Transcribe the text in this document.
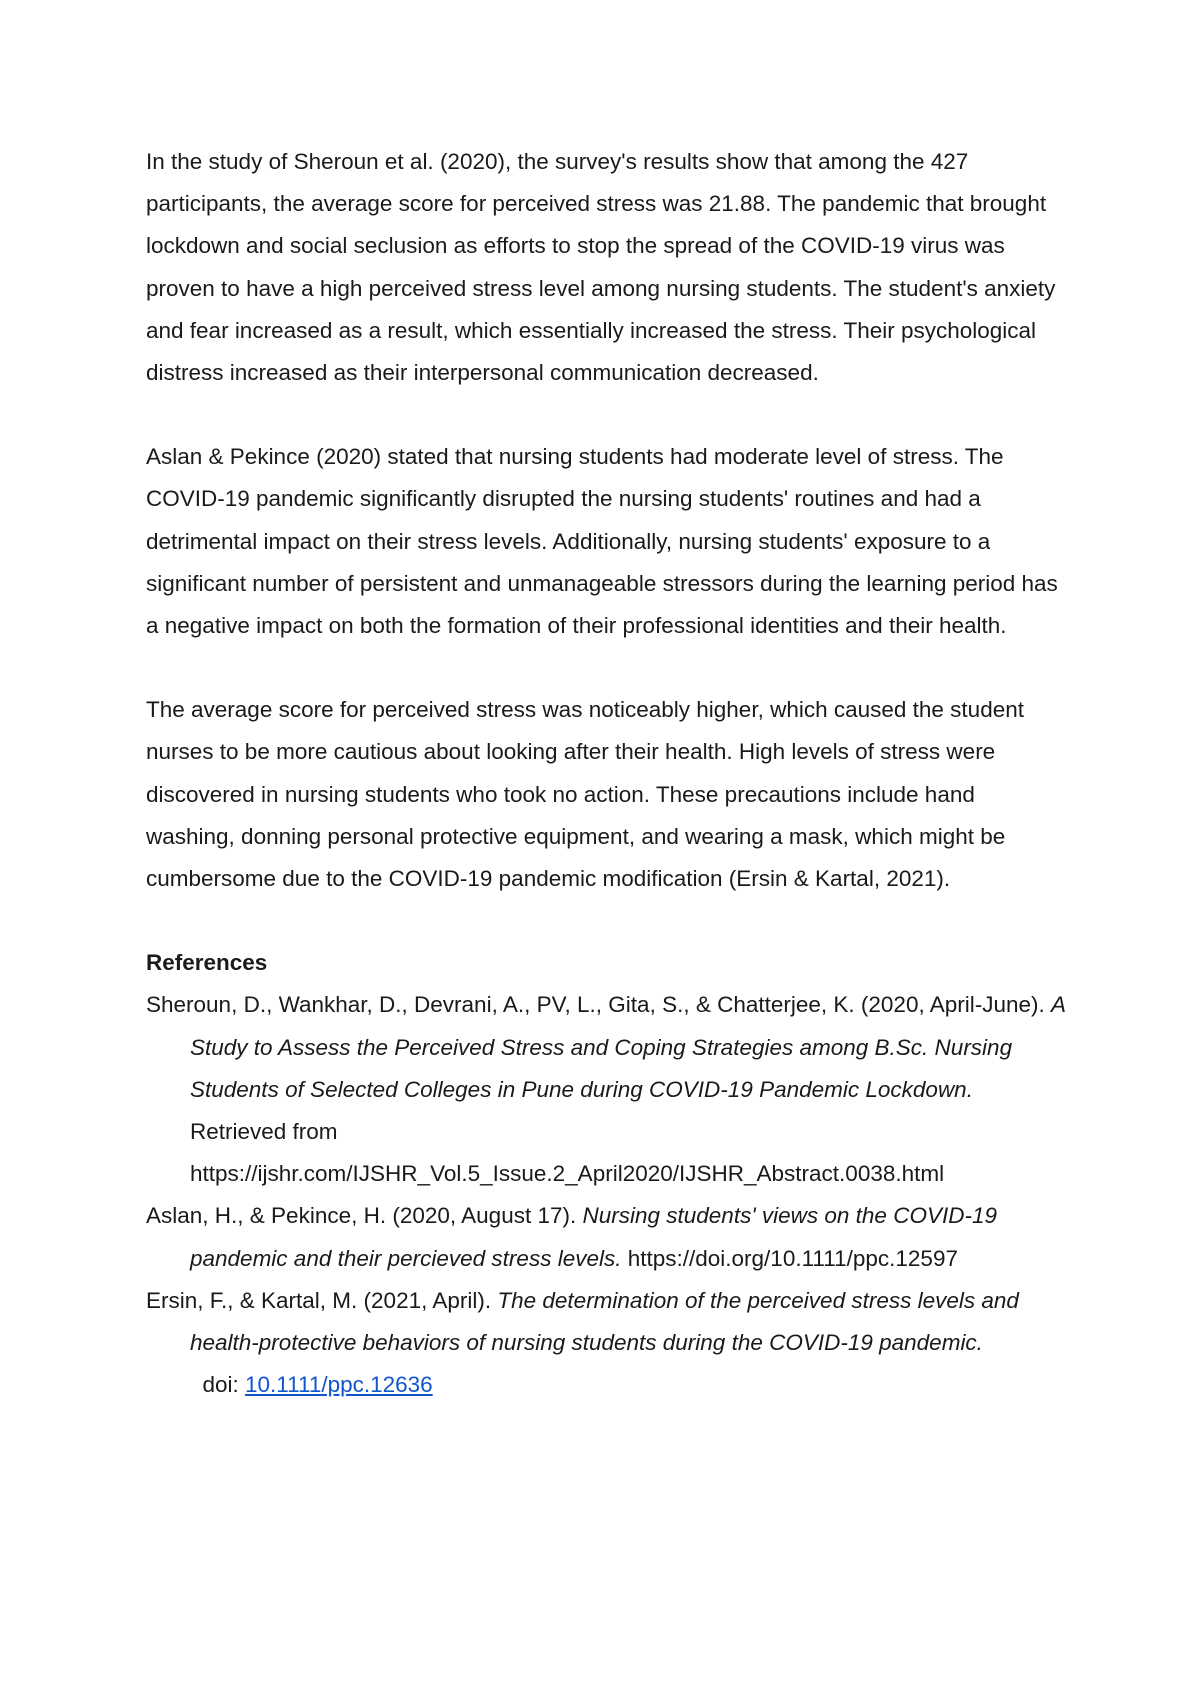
In the study of Sheroun et al. (2020), the survey's results show that among the 427 participants, the average score for perceived stress was 21.88. The pandemic that brought lockdown and social seclusion as efforts to stop the spread of the COVID-19 virus was proven to have a high perceived stress level among nursing students. The student's anxiety and fear increased as a result, which essentially increased the stress. Their psychological distress increased as their interpersonal communication decreased.

Aslan & Pekince (2020) stated that nursing students had moderate level of stress. The COVID-19 pandemic significantly disrupted the nursing students' routines and had a detrimental impact on their stress levels. Additionally, nursing students' exposure to a significant number of persistent and unmanageable stressors during the learning period has a negative impact on both the formation of their professional identities and their health.

The average score for perceived stress was noticeably higher, which caused the student nurses to be more cautious about looking after their health. High levels of stress were discovered in nursing students who took no action. These precautions include hand washing, donning personal protective equipment, and wearing a mask, which might be cumbersome due to the COVID-19 pandemic modification (Ersin & Kartal, 2021).

References

Sheroun, D., Wankhar, D., Devrani, A., PV, L., Gita, S., & Chatterjee, K. (2020, April-June). A Study to Assess the Perceived Stress and Coping Strategies among B.Sc. Nursing Students of Selected Colleges in Pune during COVID-19 Pandemic Lockdown. Retrieved from
https://ijshr.com/IJSHR_Vol.5_Issue.2_April2020/IJSHR_Abstract.0038.html

Aslan, H., & Pekince, H. (2020, August 17). Nursing students' views on the COVID-19

pandemic and their percieved stress levels. https://doi.org/10.1111/ppc.12597

Ersin, F., & Kartal, M. (2021, April). The determination of the perceived stress levels and health-protective behaviors of nursing students during the COVID-19 pandemic.  doi: 10.1111/ppc.12636
